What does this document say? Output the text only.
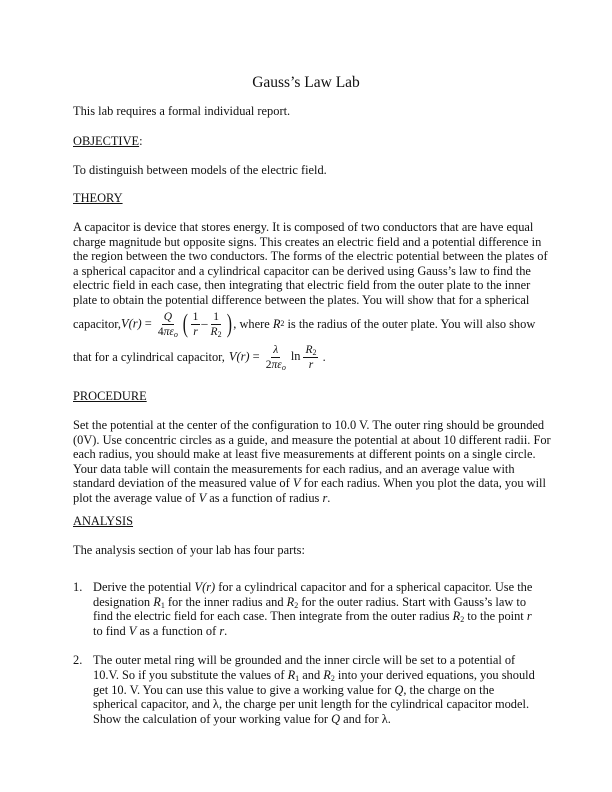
Gauss’s Law Lab
This lab requires a formal individual report.
OBJECTIVE:
To distinguish between models of the electric field.
THEORY

A capacitor is device that stores energy. It is composed of two conductors that are have equal

charge magnitude but opposite signs. This creates an electric field and a potential difference in

the region between the two conductors. The forms of the electric potential between the plates of

a spherical capacitor and a cylindrical capacitor can be derived using Gauss’s law to find the

electric field in each case, then integrating that electric field from the outer plate to the inner

plate to obtain the potential difference between the plates. You will show that for a spherical

capacitor, $V(r) = \frac{Q}{4\pi\varepsilon_o}$ ( $\frac{1}{r} - \frac{1}{R_2}$ ) , where R 2 is the radius of the outer plate. You will also show
that for a cylindrical capacitor, $V(r) = \frac{\lambda}{2\pi\varepsilon_o}$ $\ln \frac{R_2}{r}$ .
PROCEDURE

Set the potential at the center of the configuration to 10.0 V. The outer ring should be grounded

(0V). Use concentric circles as a guide, and measure the potential at about 10 different radii. For

each radius, you should make at least five measurements at different points on a single circle.

Your data table will contain the measurements for each radius, and an average value with

standard deviation of the measured value of V for each radius. When you plot the data, you will

plot the average value of V as a function of radius r.

ANALYSIS
The analysis section of your lab has four parts:
1. Derive the potential V(r) for a cylindrical capacitor and for a spherical capacitor. Use the
designation $R_1$ for the inner radius and $R_2$ for the outer radius. Start with Gauss’s law to
find the electric field for each case. Then integrate from the outer radius $R_2$ to the point r
to find V as a function of r.
2. The outer metal ring will be grounded and the inner circle will be set to a potential of
10.V. So if you substitute the values of $R_1$ and $R_2$ into your derived equations, you should
get 10. V. You can use this value to give a working value for Q, the charge on the
spherical capacitor, and λ, the charge per unit length for the cylindrical capacitor model.
Show the calculation of your working value for Q and for λ.
